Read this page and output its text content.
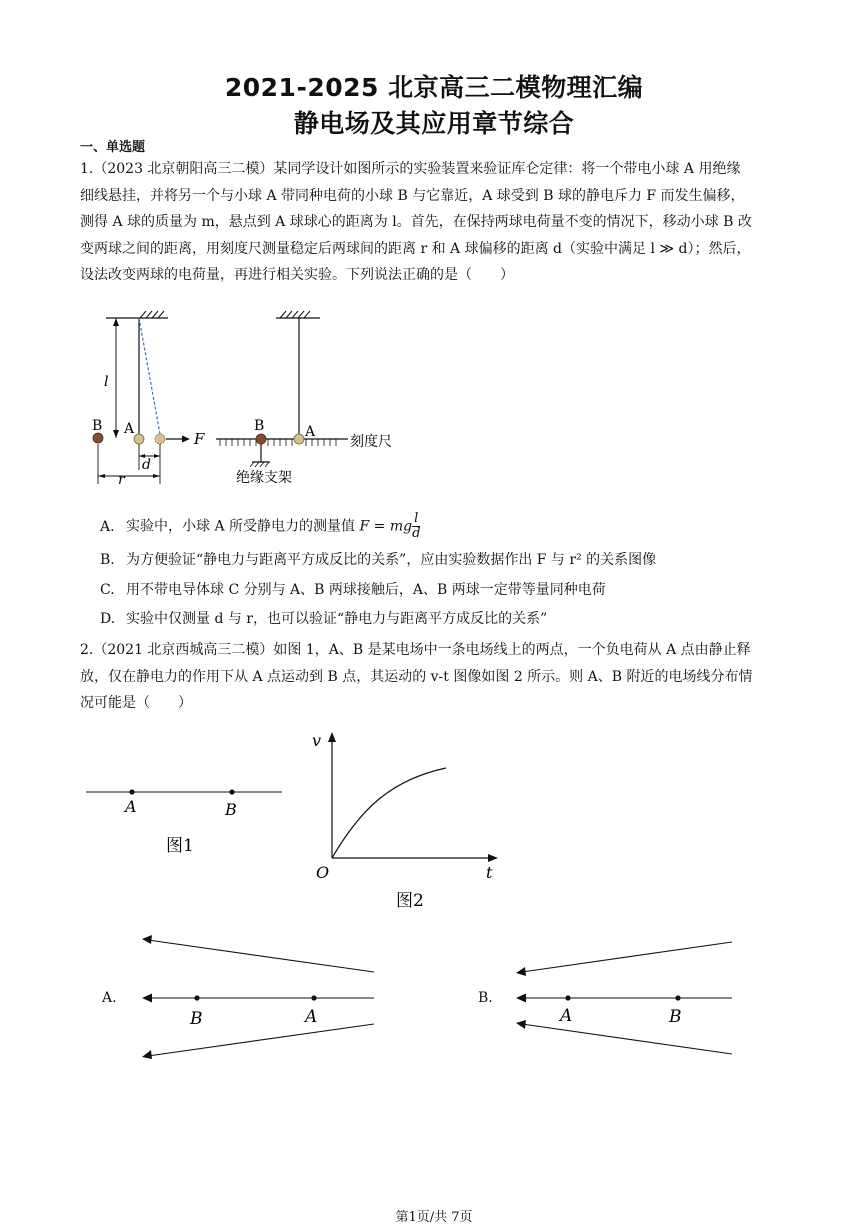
2021-2025 北京高三二模物理汇编
静电场及其应用章节综合
一、单选题
1.（2023 北京朝阳高三二模）某同学设计如图所示的实验装置来验证库仑定律：将一个带电小球 A 用绝缘
细线悬挂，并将另一个与小球 A 带同种电荷的小球 B 与它靠近，A 球受到 B 球的静电斥力 F 而发生偏移，
测得 A 球的质量为 m，悬点到 A 球球心的距离为 l。首先，在保持两球电荷量不变的情况下，移动小球 B 改
变两球之间的距离，用刻度尺测量稳定后两球间的距离 r 和 A 球偏移的距离 d（实验中满足 l ≫ d）；然后，
设法改变两球的电荷量，再进行相关实验。下列说法正确的是（　　）
l
B A
F
d
r
B	A
刻度尺
绝缘支架
A. 实验中，小球 A 所受静电力的测量值 F = mg $\frac{l}{d}$
B. 为方便验证“静电力与距离平方成反比的关系”，应由实验数据作出 F 与 r² 的关系图像
C. 用不带电导体球 C 分别与 A、B 两球接触后，A、B 两球一定带等量同种电荷
D. 实验中仅测量 d 与 r，也可以验证“静电力与距离平方成反比的关系”
2.（2021 北京西城高三二模）如图 1，A、B 是某电场中一条电场线上的两点，一个负电荷从 A 点由静止释
放，仅在静电力的作用下从 A 点运动到 B 点，其运动的 v-t 图像如图 2 所示。则 A、B 附近的电场线分布情
况可能是（　　）
A	B
图1
v
t
O
图2
A.
B	A
B.
A	B
第1页/共 7页
